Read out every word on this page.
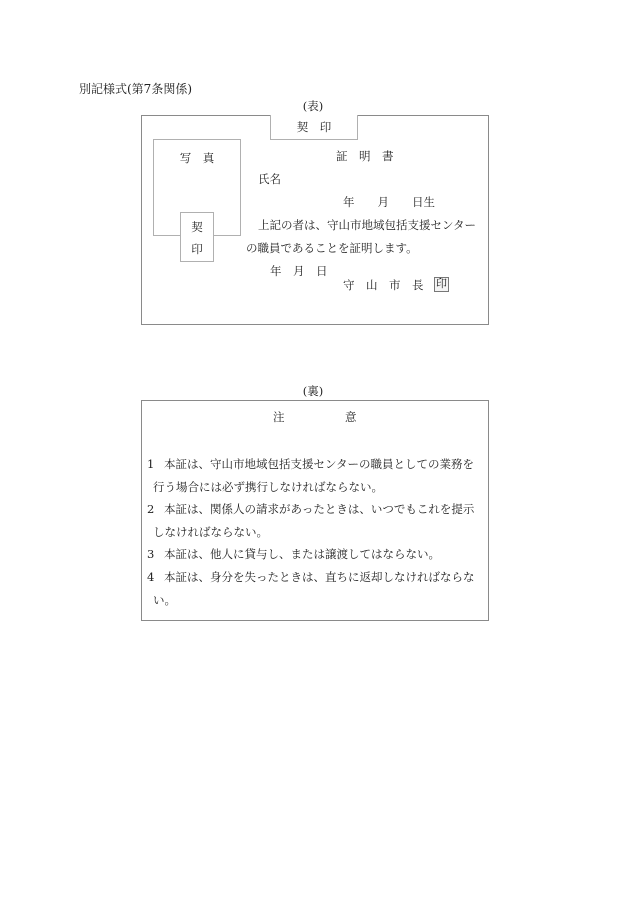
別記様式(第7条関係)
(表)
契　印
写　真
契
印
証　明　書
氏名
年　　月　　日生
上記の者は、守山市地域包括支援センター
の職員であることを証明します。
年　月　日
守　山　市　長 印
(裏)
注	意
1 本証は、守山市地域包括支援センターの職員としての業務を
行う場合には必ず携行しなければならない。
2 本証は、関係人の請求があったときは、いつでもこれを提示
しなければならない。
3 本証は、他人に貸与し、または譲渡してはならない。
4 本証は、身分を失ったときは、直ちに返却しなければならな
い。
